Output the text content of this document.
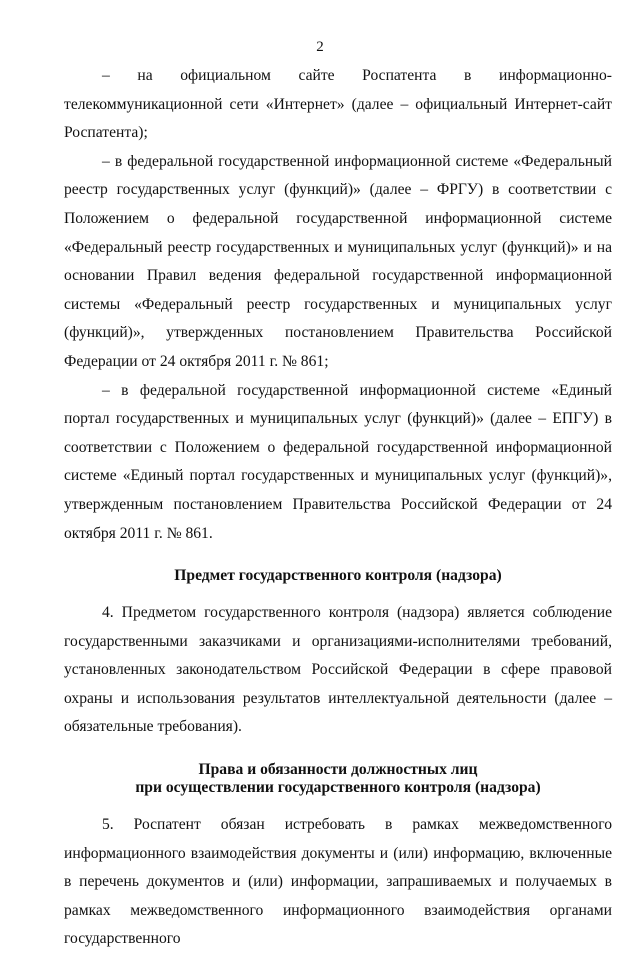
2

– на официальном сайте Роспатента в информационно-телекоммуникационной сети «Интернет» (далее – официальный Интернет-сайт Роспатента);

– в федеральной государственной информационной системе «Федеральный реестр государственных услуг (функций)» (далее – ФРГУ) в соответствии с Положением о федеральной государственной информационной системе «Федеральный реестр государственных и муниципальных услуг (функций)» и на основании Правил ведения федеральной государственной информационной системы «Федеральный реестр государственных и муниципальных услуг (функций)», утвержденных постановлением Правительства Российской Федерации от 24 октября 2011 г. № 861;

– в федеральной государственной информационной системе «Единый портал государственных и муниципальных услуг (функций)» (далее – ЕПГУ) в соответствии с Положением о федеральной государственной информационной системе «Единый портал государственных и муниципальных услуг (функций)», утвержденным постановлением Правительства Российской Федерации от 24 октября 2011 г. № 861.

Предмет государственного контроля (надзора)

4. Предметом государственного контроля (надзора) является соблюдение государственными заказчиками и организациями-исполнителями требований, установленных законодательством Российской Федерации в сфере правовой охраны и использования результатов интеллектуальной деятельности (далее – обязательные требования).

Права и обязанности должностных лиц
при осуществлении государственного контроля (надзора)

5. Роспатент обязан истребовать в рамках межведомственного информационного взаимодействия документы и (или) информацию, включенные в перечень документов и (или) информации, запрашиваемых и получаемых в рамках межведомственного информационного взаимодействия органами государственного
